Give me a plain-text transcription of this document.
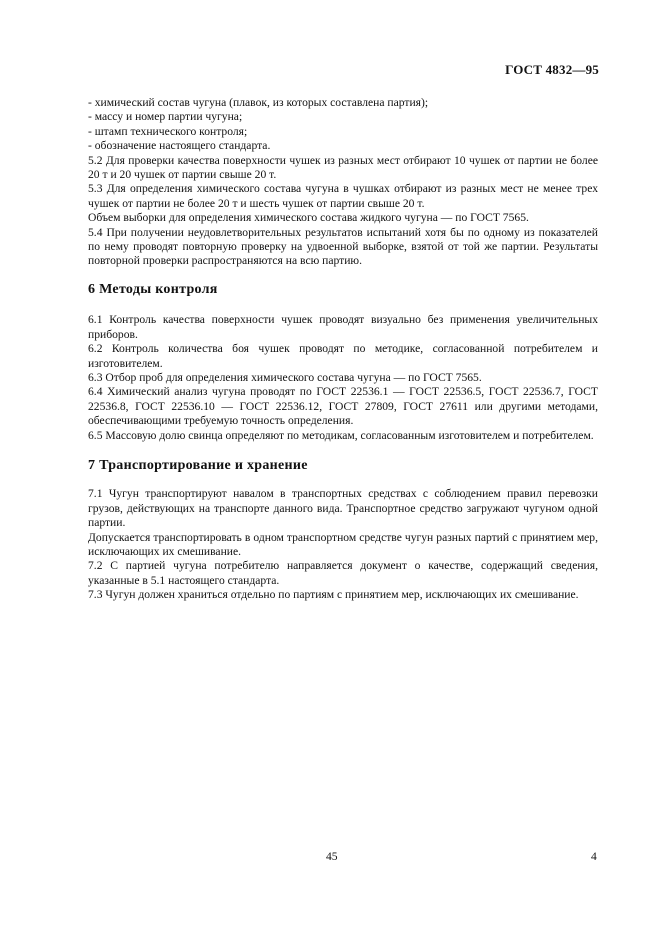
ГОСТ 4832—95

- химический состав чугуна (плавок, из которых составлена партия);

- массу и номер партии чугуна;

- штамп технического контроля;

- обозначение настоящего стандарта.

5.2 Для проверки качества поверхности чушек из разных мест отбирают 10 чушек от партии не более 20 т и 20 чушек от партии свыше 20 т.

5.3 Для определения химического состава чугуна в чушках отбирают из разных мест не менее трех чушек от партии не более 20 т и шесть чушек от партии свыше 20 т.

Объем выборки для определения химического состава жидкого чугуна — по ГОСТ 7565.

5.4 При получении неудовлетворительных результатов испытаний хотя бы по одному из показателей по нему проводят повторную проверку на удвоенной выборке, взятой от той же партии. Результаты повторной проверки распространяются на всю партию.

6 Методы контроля

6.1 Контроль качества поверхности чушек проводят визуально без применения увеличительных приборов.

6.2 Контроль количества боя чушек проводят по методике, согласованной потребителем и изготовителем.

6.3 Отбор проб для определения химического состава чугуна — по ГОСТ 7565.

6.4 Химический анализ чугуна проводят по ГОСТ 22536.1 — ГОСТ 22536.5, ГОСТ 22536.7, ГОСТ 22536.8, ГОСТ 22536.10 — ГОСТ 22536.12, ГОСТ 27809, ГОСТ 27611 или другими методами, обеспечивающими требуемую точность определения.

6.5 Массовую долю свинца определяют по методикам, согласованным изготовителем и потребителем.

7 Транспортирование и хранение

7.1 Чугун транспортируют навалом в транспортных средствах с соблюдением правил перевозки грузов, действующих на транспорте данного вида. Транспортное средство загружают чугуном одной партии.

Допускается транспортировать в одном транспортном средстве чугун разных партий с принятием мер, исключающих их смешивание.

7.2 С партией чугуна потребителю направляется документ о качестве, содержащий сведения, указанные в 5.1 настоящего стандарта.

7.3 Чугун должен храниться отдельно по партиям с принятием мер, исключающих их смешивание.

45	4
